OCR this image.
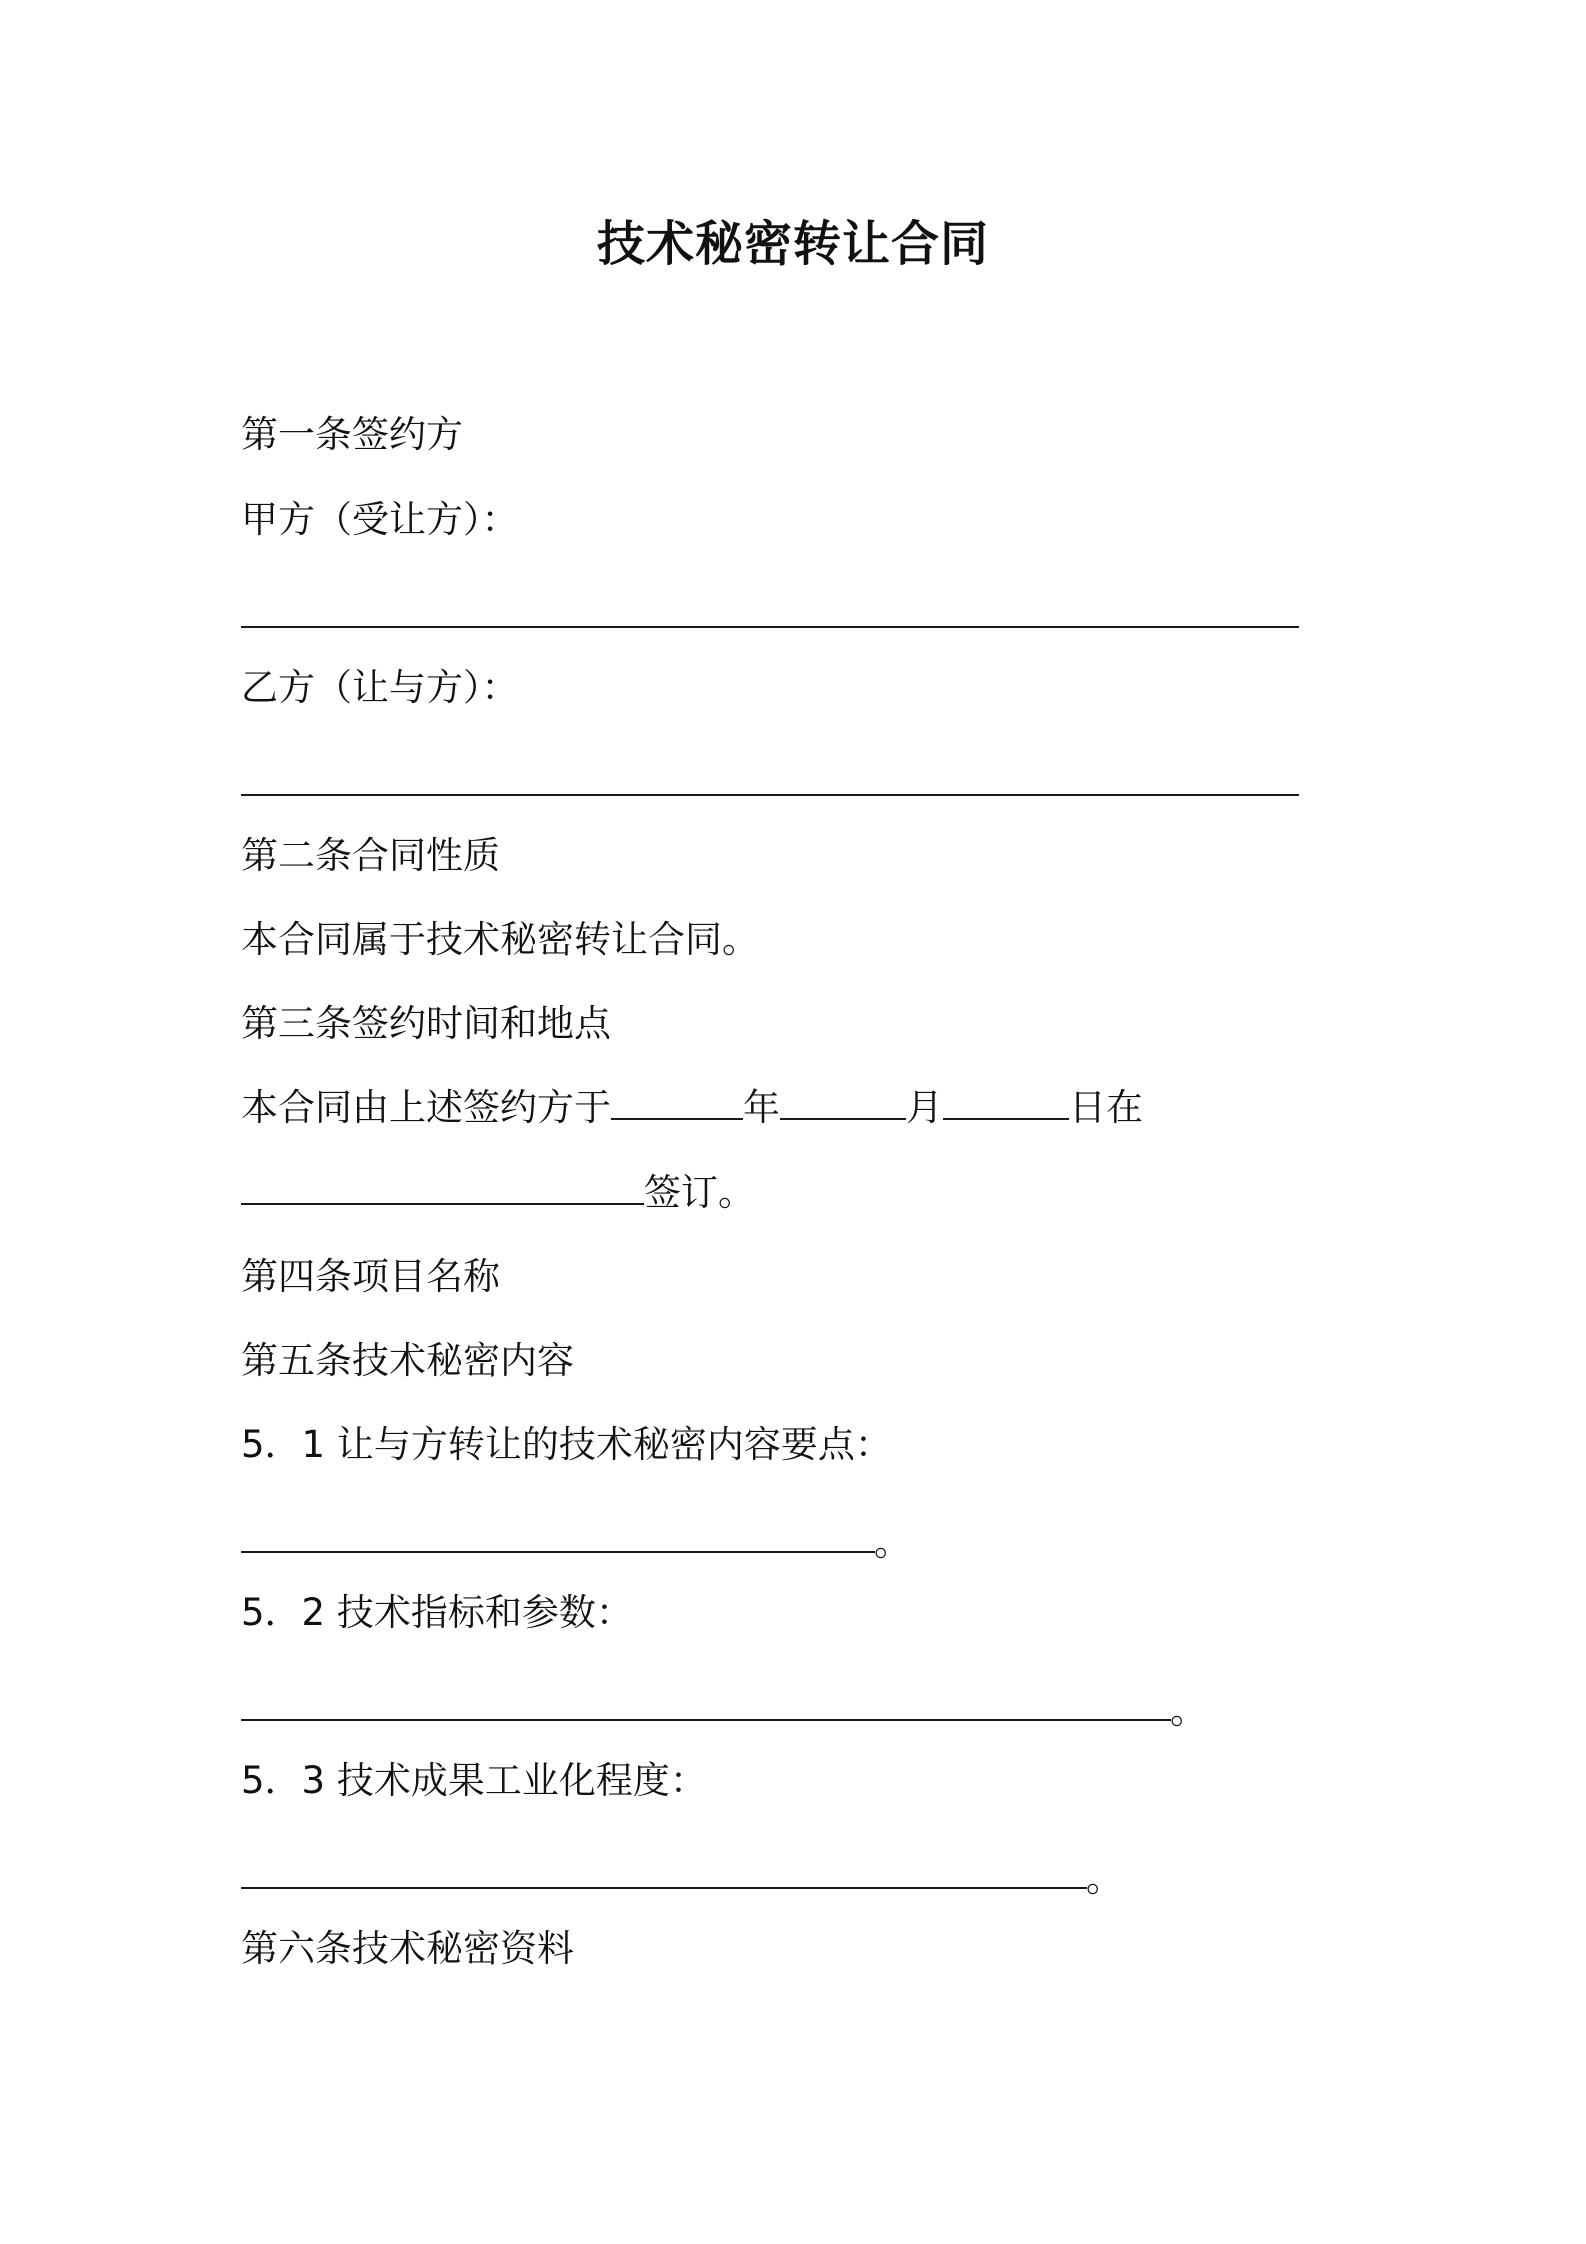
技术秘密转让合同
第一条签约方
甲方（受让方）：
乙方（让与方）：
第二条合同性质
本合同属于技术秘密转让合同。
第三条签约时间和地点
本合同由上述签约方于	年	月	日在
签订。
第四条项目名称
第五条技术秘密内容
5．1 让与方转让的技术秘密内容要点：
。
5．2 技术指标和参数：
。
5．3 技术成果工业化程度：
。
第六条技术秘密资料
